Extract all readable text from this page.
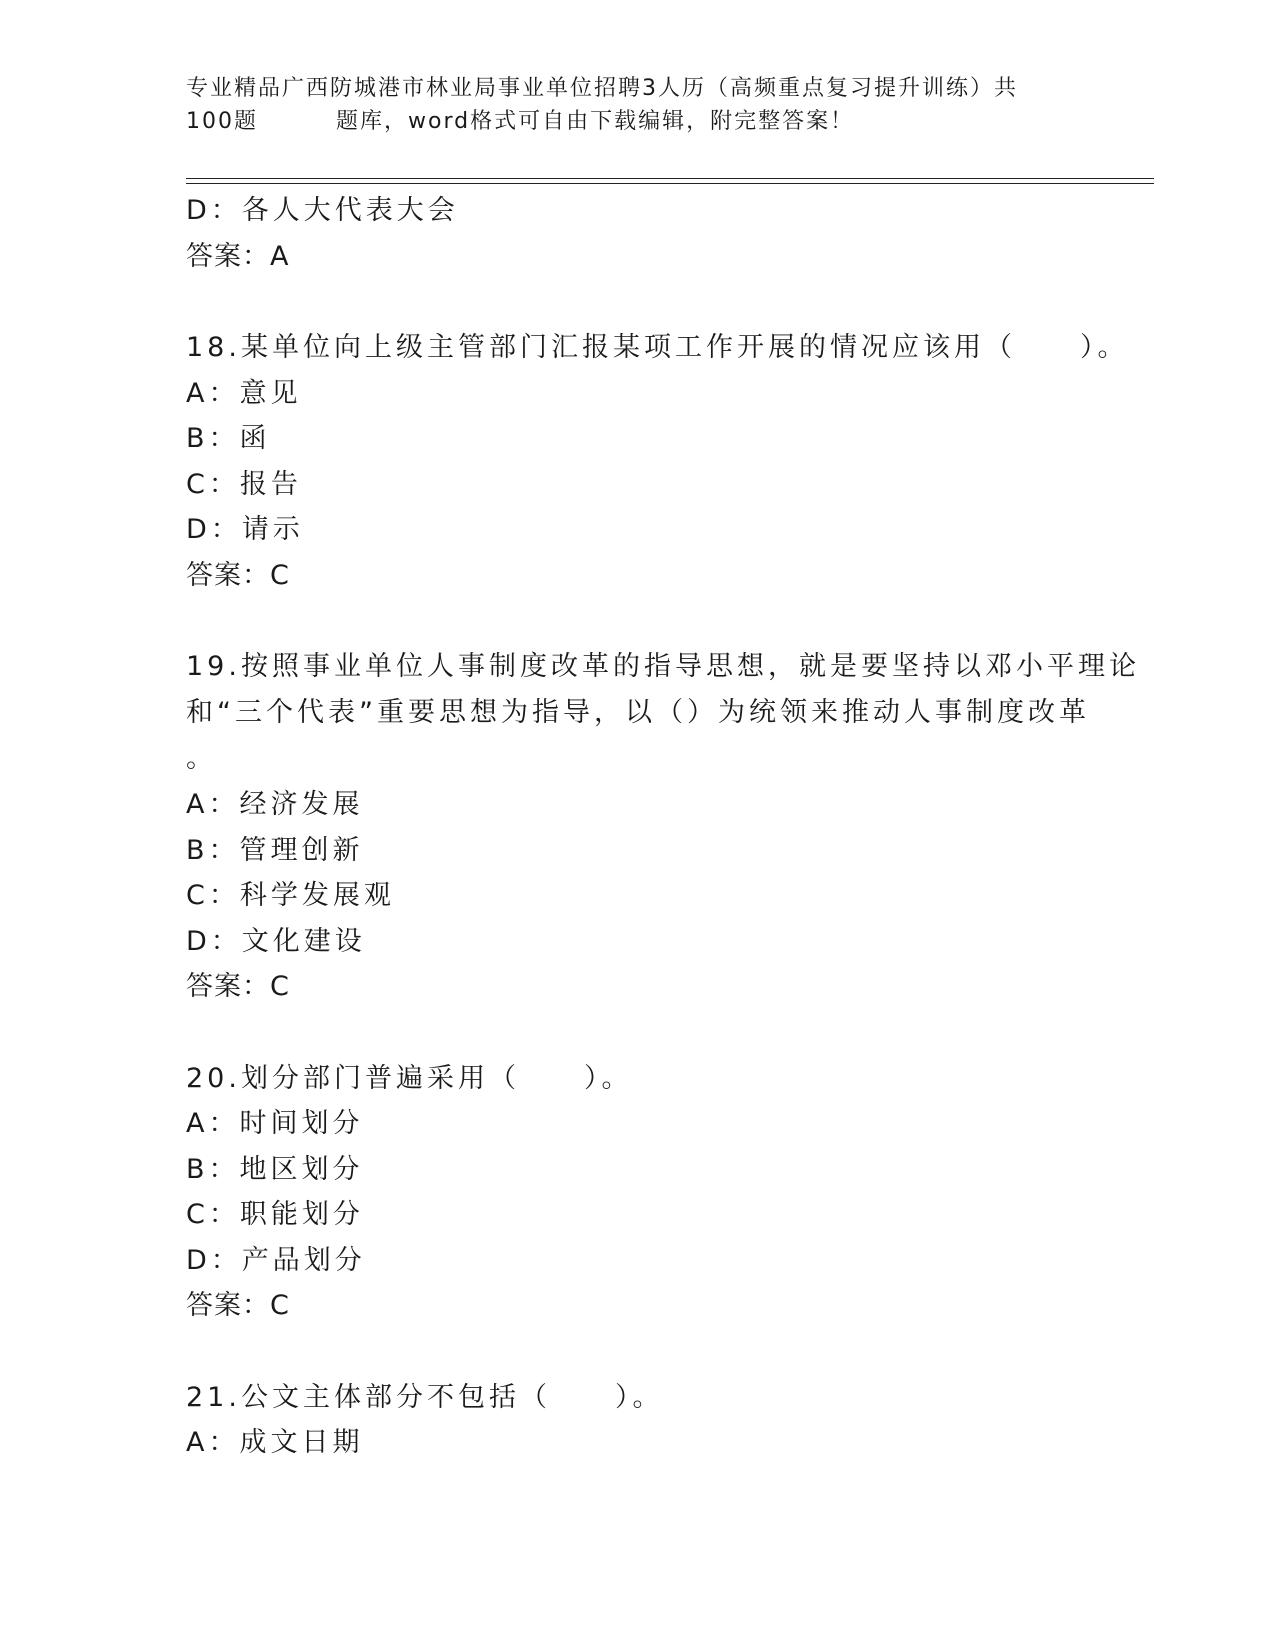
专业精品广西防城港市林业局事业单位招聘3人历（高频重点复习提升训练）共
100题	题库，word格式可自由下载编辑，附完整答案！
D：各人大代表大会
答案：A
18.某单位向上级主管部门汇报某项工作开展的情况应该用（ ）。
A：意见
B：函
C：报告
D：请示
答案：C
19.按照事业单位人事制度改革的指导思想，就是要坚持以邓小平理论
和“三个代表”重要思想为指导，以（）为统领来推动人事制度改革
。
A：经济发展
B：管理创新
C：科学发展观
D：文化建设
答案：C
20.划分部门普遍采用（ ）。
A：时间划分
B：地区划分
C：职能划分
D：产品划分
答案：C
21.公文主体部分不包括（ ）。
A：成文日期
